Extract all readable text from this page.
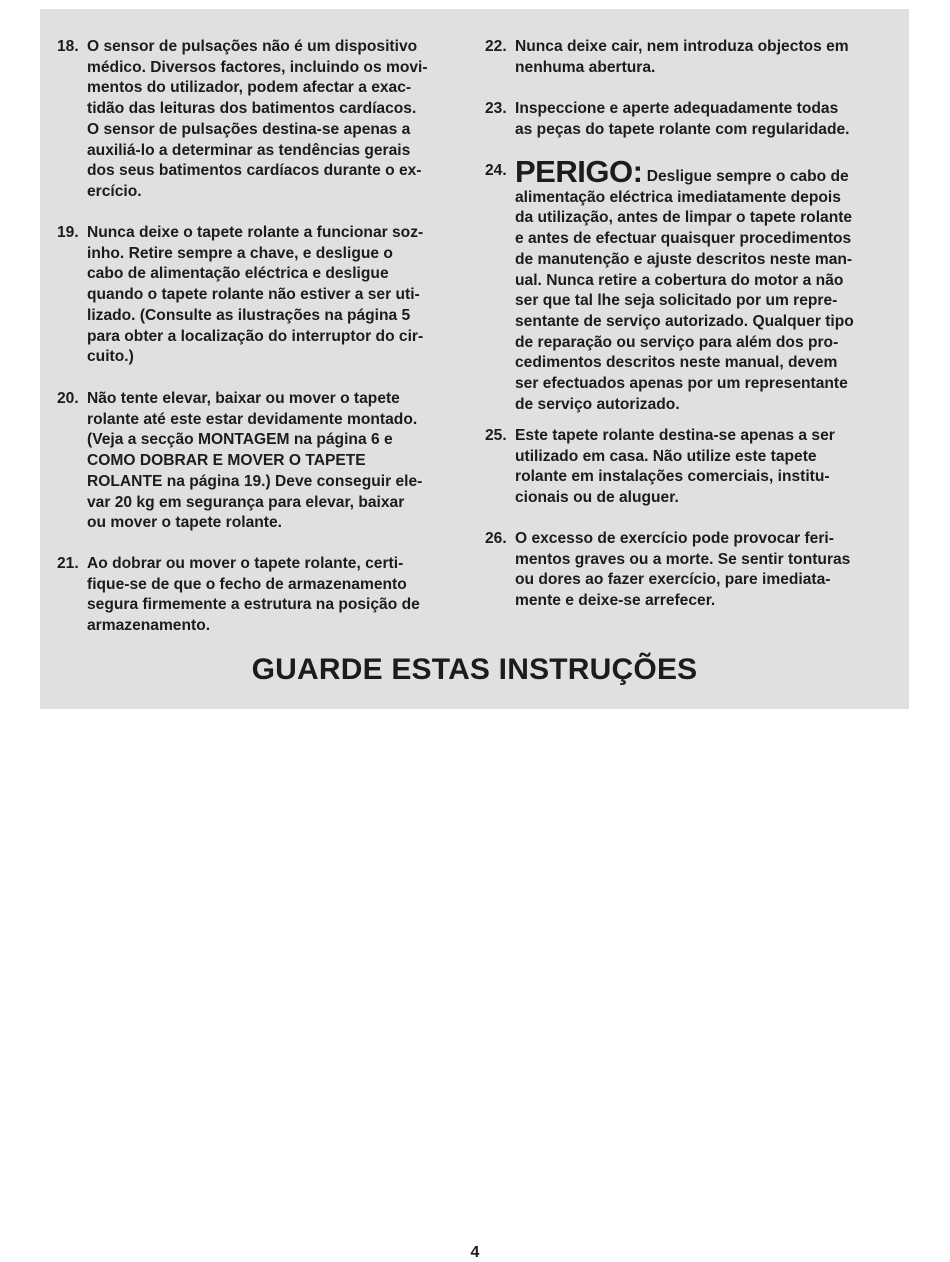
18. O sensor de pulsações não é um dispositivo
médico. Diversos factores, incluindo os movi-
mentos do utilizador, podem afectar a exac-
tidão das leituras dos batimentos cardíacos.
O sensor de pulsações destina-se apenas a
auxiliá-lo a determinar as tendências gerais
dos seus batimentos cardíacos durante o ex-
ercício.
19. Nunca deixe o tapete rolante a funcionar soz-
inho. Retire sempre a chave, e desligue o
cabo de alimentação eléctrica e desligue
quando o tapete rolante não estiver a ser uti-
lizado. (Consulte as ilustrações na página 5
para obter a localização do interruptor do cir-
cuito.)
20. Não tente elevar, baixar ou mover o tapete
rolante até este estar devidamente montado.
(Veja a secção MONTAGEM na página 6 e
COMO DOBRAR E MOVER O TAPETE
ROLANTE na página 19.) Deve conseguir ele-
var 20 kg em segurança para elevar, baixar
ou mover o tapete rolante.
21. Ao dobrar ou mover o tapete rolante, certi-
fique-se de que o fecho de armazenamento
segura firmemente a estrutura na posição de
armazenamento.
22. Nunca deixe cair, nem introduza objectos em
nenhuma abertura.
23. Inspeccione e aperte adequadamente todas
as peças do tapete rolante com regularidade.
24. PERIGO: Desligue sempre o cabo de
alimentação eléctrica imediatamente depois
da utilização, antes de limpar o tapete rolante
e antes de efectuar quaisquer procedimentos
de manutenção e ajuste descritos neste man-
ual. Nunca retire a cobertura do motor a não
ser que tal lhe seja solicitado por um repre-
sentante de serviço autorizado. Qualquer tipo
de reparação ou serviço para além dos pro-
cedimentos descritos neste manual, devem
ser efectuados apenas por um representante
de serviço autorizado.
25. Este tapete rolante destina-se apenas a ser
utilizado em casa. Não utilize este tapete
rolante em instalações comerciais, institu-
cionais ou de aluguer.
26. O excesso de exercício pode provocar feri-
mentos graves ou a morte. Se sentir tonturas
ou dores ao fazer exercício, pare imediata-
mente e deixe-se arrefecer.
GUARDE ESTAS INSTRUÇÕES
4
